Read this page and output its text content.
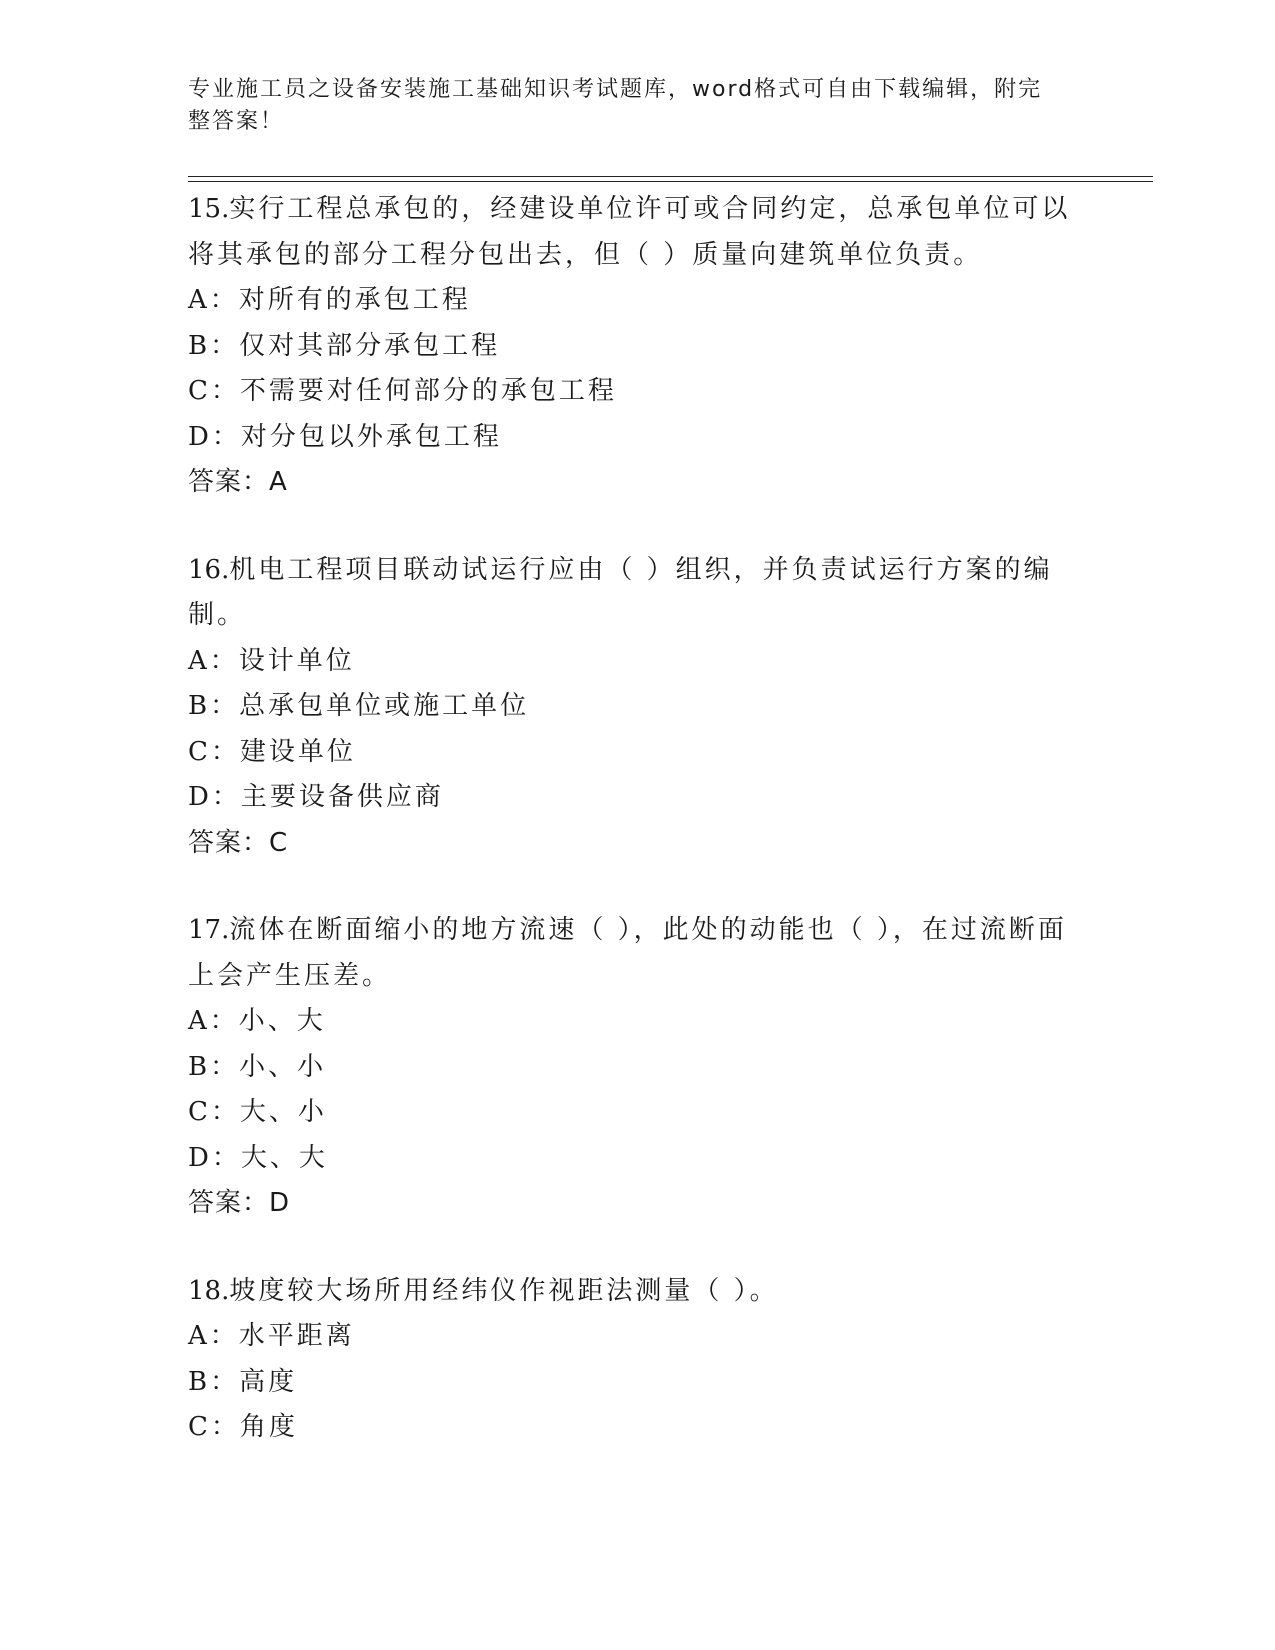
专业施工员之设备安装施工基础知识考试题库，word格式可自由下载编辑，附完
整答案！
15.实行工程总承包的，经建设单位许可或合同约定，总承包单位可以将其承包的部分工程分包出去，但（ ）质量向建筑单位负责。
A：对所有的承包工程
B：仅对其部分承包工程
C：不需要对任何部分的承包工程
D：对分包以外承包工程
答案：A
16.机电工程项目联动试运行应由（ ）组织，并负责试运行方案的编制。
A：设计单位
B：总承包单位或施工单位
C：建设单位
D：主要设备供应商
答案：C
17.流体在断面缩小的地方流速（ ），此处的动能也（ ），在过流断面上会产生压差。
A：小、大
B：小、小
C：大、小
D：大、大
答案：D
18.坡度较大场所用经纬仪作视距法测量（ ）。
A：水平距离
B：高度
C：角度
